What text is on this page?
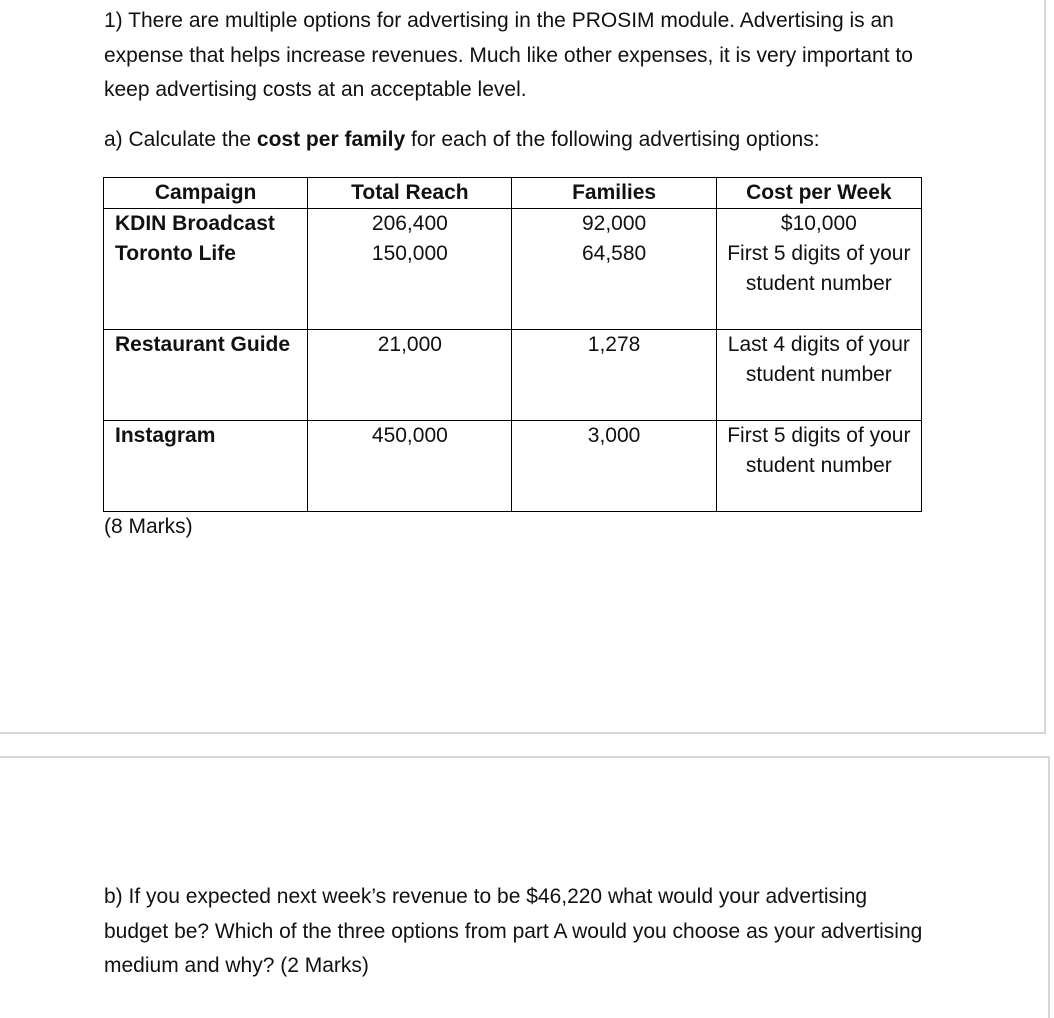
1) There are multiple options for advertising in the PROSIM module. Advertising is an expense that helps increase revenues. Much like other expenses, it is very important to keep advertising costs at an acceptable level.

a) Calculate the cost per family for each of the following advertising options:

Campaign	Total Reach	Families	Cost per Week
KDIN Broadcast	206,400	92,000	$10,000
Toronto Life	150,000	64,580	First 5 digits of your student number
Restaurant Guide	21,000	1,278	Last 4 digits of your student number
Instagram	450,000	3,000	First 5 digits of your student number

(8 Marks)

b) If you expected next week’s revenue to be $46,220 what would your advertising budget be? Which of the three options from part A would you choose as your advertising medium and why? (2 Marks)
